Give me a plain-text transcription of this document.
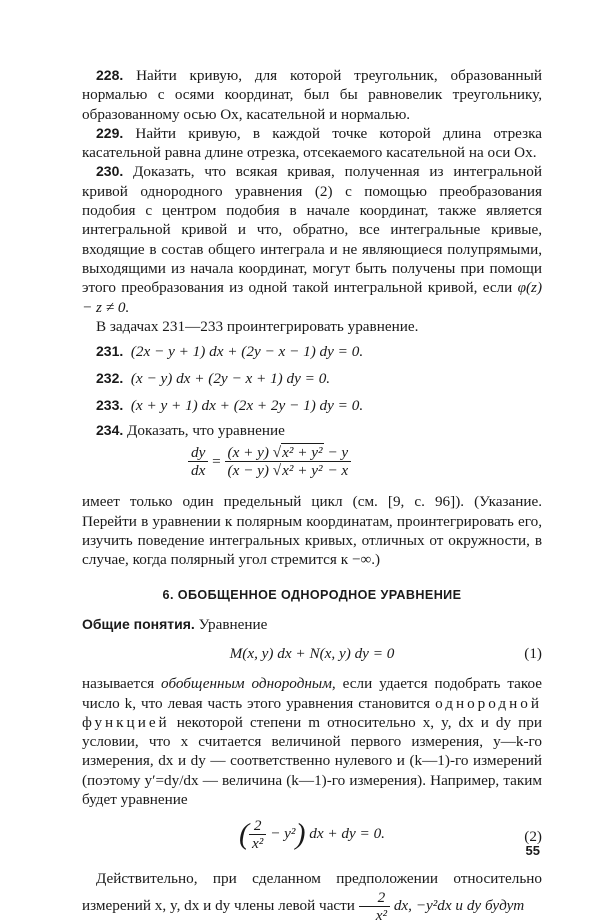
228. Найти кривую, для которой треугольник, образованный нормалью с осями координат, был бы равновелик треугольнику, образованному осью Ox, касательной и нормалью.

229. Найти кривую, в каждой точке которой длина отрезка касательной равна длине отрезка, отсекаемого касательной на оси Ox.

230. Доказать, что всякая кривая, полученная из интегральной кривой однородного уравнения (2) с помощью преобразования подобия с центром подобия в начале координат, также является интегральной кривой и что, обратно, все интегральные кривые, входящие в состав общего интеграла и не являющиеся полупрямыми, выходящими из начала координат, могут быть получены при помощи этого преобразования из одной такой интегральной кривой, если φ(z) − z ≠ 0.

В задачах 231—233 проинтегрировать уравнение.

231. (2x − y + 1) dx + (2y − x − 1) dy = 0.
232. (x − y) dx + (2y − x + 1) dy = 0.
233. (x + y + 1) dx + (2x + 2y − 1) dy = 0.

234. Доказать, что уравнение

$\frac{dy}{dx} = \frac{\text{(x + y) √x² + y² − y}}{\text{(x − y) √x² + y² − x}}$

имеет только один предельный цикл (см. [9, с. 96]). (Указание. Перейти в уравнении к полярным координатам, проинтегрировать его, изучить поведение интегральных кривых, отличных от окружности, в случае, когда полярный угол стремится к −∞.)

6. ОБОБЩЕННОЕ ОДНОРОДНОЕ УРАВНЕНИЕ

Общие понятия. Уравнение

M(x, y) dx + N(x, y) dy = 0	(1)

называется обобщенным однородным, если удается подобрать такое число k, что левая часть этого уравнения становится однородной функцией некоторой степени m относительно x, y, dx и dy при условии, что x считается величиной первого измерения, y—k-го измерения, dx и dy — соответственно нулевого и (k—1)-го измерений (поэтому y′=dy/dx — величина (k—1)-го измерения). Например, таким будет уравнение

( $\frac{2}{\text{x²}} - y^2$) dx + dy = 0.	(2)

Действительно, при сделанном предположении относительно измерений x, y, dx и dy члены левой части $\frac{2}{\text{x²}}$ dx, −y²dx и dy будут

55
